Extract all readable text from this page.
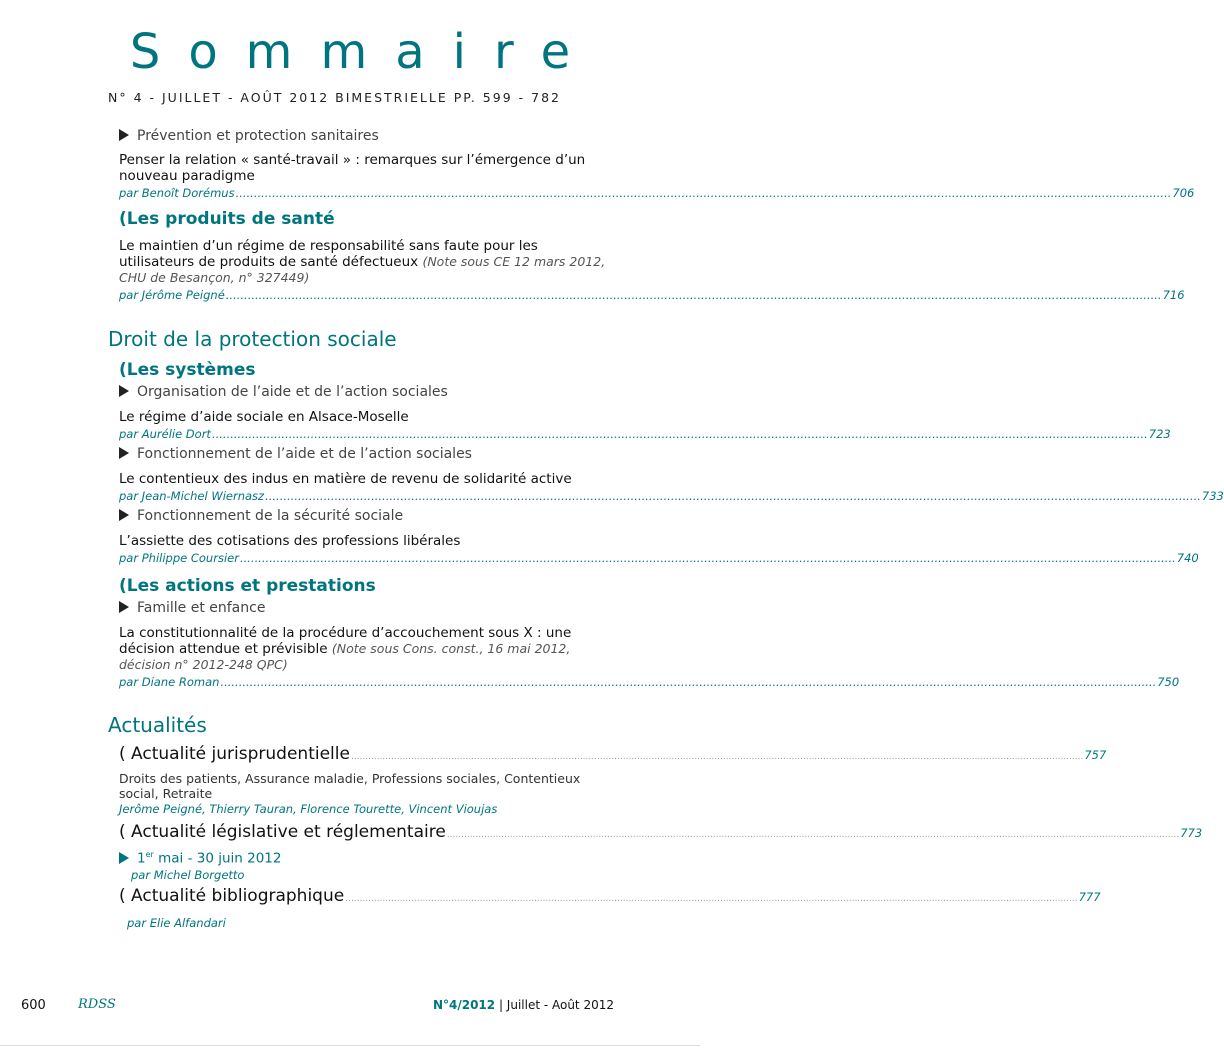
Sommaire
N° 4 - JUILLET - AOÛT 2012 BIMESTRIELLE PP. 599 - 782
Prévention et protection sanitaires
Penser la relation « santé-travail » : remarques sur l’émergence d’un nouveau paradigme
par Benoît Dorémus .....	706
(Les produits de santé
Le maintien d’un régime de responsabilité sans faute pour les utilisateurs de produits de santé défectueux (Note sous CE 12 mars 2012, CHU de Besançon, n° 327449)
par Jérôme Peigné .....	716
Droit de la protection sociale
(Les systèmes
Organisation de l’aide et de l’action sociales
Le régime d’aide sociale en Alsace-Moselle
par Aurélie Dort .....	723
Fonctionnement de l’aide et de l’action sociales
Le contentieux des indus en matière de revenu de solidarité active
par Jean-Michel Wiernasz .....	733
Fonctionnement de la sécurité sociale
L’assiette des cotisations des professions libérales
par Philippe Coursier .....	740
(Les actions et prestations
Famille et enfance
La constitutionnalité de la procédure d’accouchement sous X : une décision attendue et prévisible (Note sous Cons. const., 16 mai 2012, décision n° 2012-248 QPC)
par Diane Roman .....	750
Actualités
( Actualité jurisprudentielle .....	757
Droits des patients, Assurance maladie, Professions sociales, Contentieux social, Retraite
Jerôme Peigné, Thierry Tauran, Florence Tourette, Vincent Vioujas
( Actualité législative et réglementaire .....	773
1er mai - 30 juin 2012
par Michel Borgetto
( Actualité bibliographique .....	777
par Elie Alfandari
600 RDSS	N°4/2012 | Juillet - Août 2012
